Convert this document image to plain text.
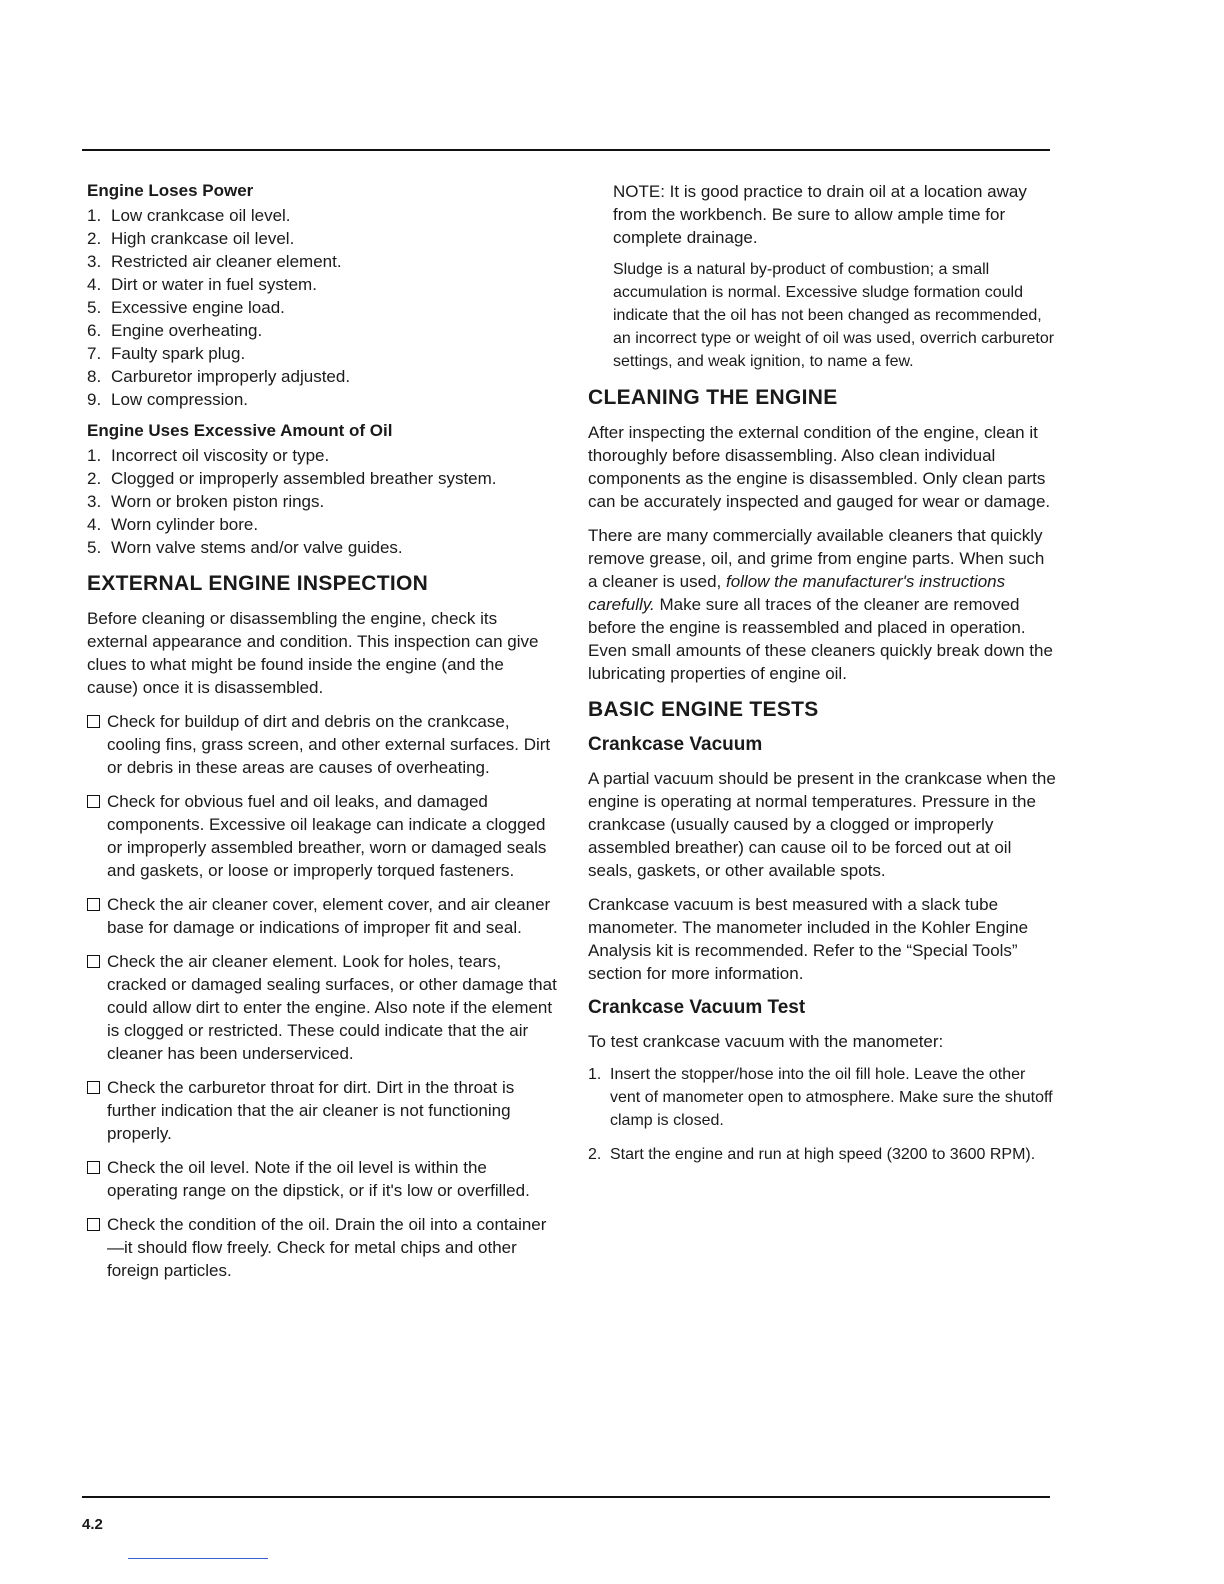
Engine Loses Power
1. Low crankcase oil level.
2. High crankcase oil level.
3. Restricted air cleaner element.
4. Dirt or water in fuel system.
5. Excessive engine load.
6. Engine overheating.
7. Faulty spark plug.
8. Carburetor improperly adjusted.
9. Low compression.
Engine Uses Excessive Amount of Oil
1. Incorrect oil viscosity or type.
2. Clogged or improperly assembled breather system.
3. Worn or broken piston rings.
4. Worn cylinder bore.
5. Worn valve stems and/or valve guides.
EXTERNAL ENGINE INSPECTION

Before cleaning or disassembling the engine, check its external appearance and condition. This inspection can give clues to what might be found inside the engine (and the cause) once it is disassembled.

Check for buildup of dirt and debris on the crankcase, cooling fins, grass screen, and other external surfaces. Dirt or debris in these areas are causes of overheating.
Check for obvious fuel and oil leaks, and damaged components. Excessive oil leakage can indicate a clogged or improperly assembled breather, worn or damaged seals and gaskets, or loose or improperly torqued fasteners.
Check the air cleaner cover, element cover, and air cleaner base for damage or indications of improper fit and seal.
Check the air cleaner element. Look for holes, tears, cracked or damaged sealing surfaces, or other damage that could allow dirt to enter the engine. Also note if the element is clogged or restricted. These could indicate that the air cleaner has been underserviced.
Check the carburetor throat for dirt. Dirt in the throat is further indication that the air cleaner is not functioning properly.
Check the oil level. Note if the oil level is within the operating range on the dipstick, or if it's low or overfilled.
Check the condition of the oil. Drain the oil into a container—it should flow freely. Check for metal chips and other foreign particles.

NOTE: It is good practice to drain oil at a location away from the workbench. Be sure to allow ample time for complete drainage.

Sludge is a natural by-product of combustion; a small accumulation is normal. Excessive sludge formation could indicate that the oil has not been changed as recommended, an incorrect type or weight of oil was used, overrich carburetor settings, and weak ignition, to name a few.

CLEANING THE ENGINE

After inspecting the external condition of the engine, clean it thoroughly before disassembling. Also clean individual components as the engine is disassembled. Only clean parts can be accurately inspected and gauged for wear or damage.

There are many commercially available cleaners that quickly remove grease, oil, and grime from engine parts. When such a cleaner is used, follow the manufacturer's instructions carefully. Make sure all traces of the cleaner are removed before the engine is reassembled and placed in operation. Even small amounts of these cleaners quickly break down the lubricating properties of engine oil.

BASIC ENGINE TESTS
Crankcase Vacuum

A partial vacuum should be present in the crankcase when the engine is operating at normal temperatures. Pressure in the crankcase (usually caused by a clogged or improperly assembled breather) can cause oil to be forced out at oil seals, gaskets, or other available spots.

Crankcase vacuum is best measured with a slack tube manometer. The manometer included in the Kohler Engine Analysis kit is recommended. Refer to the “Special Tools” section for more information.

Crankcase Vacuum Test

To test crankcase vacuum with the manometer:

1. Insert the stopper/hose into the oil fill hole. Leave the other vent of manometer open to atmosphere. Make sure the shutoff clamp is closed.
2. Start the engine and run at high speed (3200 to 3600 RPM).
4.2
